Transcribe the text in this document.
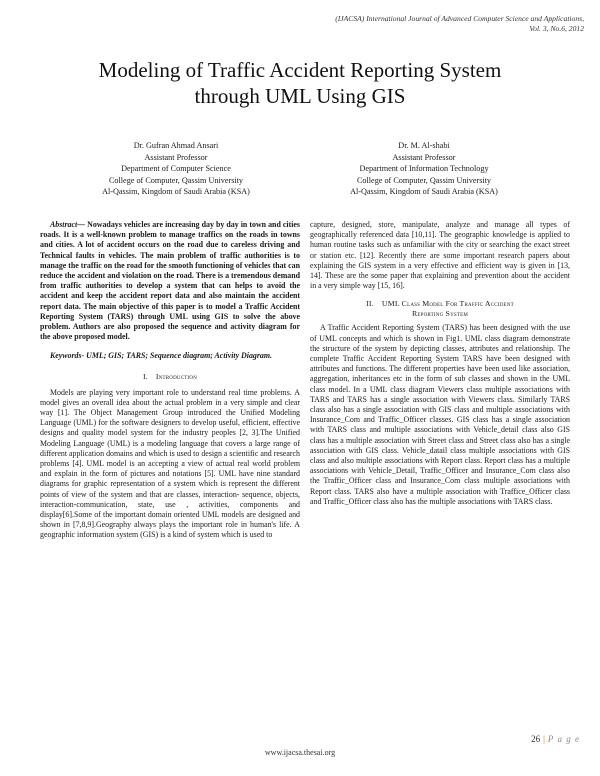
(IJACSA) International Journal of Advanced Computer Science and Applications,
Vol. 3, No.6, 2012
Modeling of Traffic Accident Reporting System
through UML Using GIS
Dr. Gufran Ahmad Ansari
Assistant Professor
Department of Computer Science
College of Computer, Qassim University
Al-Qassim, Kingdom of Saudi Arabia (KSA)
Dr. M. Al-shabi
Assistant Professor
Department of Information Technology
College of Computer, Qassim University
Al-Qassim, Kingdom of Saudi Arabia (KSA)

Abstract— Nowadays vehicles are increasing day by day in town and cities roads. It is a well-known problem to manage traffics on the roads in towns and cities. A lot of accident occurs on the road due to careless driving and Technical faults in vehicles. The main problem of traffic authorities is to manage the traffic on the road for the smooth functioning of vehicles that can reduce the accident and violation on the road. There is a tremendous demand from traffic authorities to develop a system that can helps to avoid the accident and keep the accident report data and also maintain the accident report data. The main objective of this paper is to model a Traffic Accident Reporting System (TARS) through UML using GIS to solve the above problem. Authors are also proposed the sequence and activity diagram for the above proposed model.

Keywords- UML; GIS; TARS; Sequence diagram; Activity Diagram.

I. Introduction

Models are playing very important role to understand real time problems. A model gives an overall idea about the actual problem in a very simple and clear way [1]. The Object Management Group introduced the Unified Modeling Language (UML) for the software designers to develop useful, efficient, effective designs and quality model system for the industry peoples [2, 3].The Unified Modeling Language (UML) is a modeling language that covers a large range of different application domains and which is used to design a scientific and research problems [4]. UML model is an accepting a view of actual real world problem and explain in the form of pictures and notations [5]. UML have nine standard diagrams for graphic representation of a system which is represent the different points of view of the system and that are classes, interaction- sequence, objects, interaction-communication, state, use , activities, components and display[6].Some of the important domain oriented UML models are designed and shown in [7,8,9].Geography always plays the important role in human's life. A geographic information system (GIS) is a kind of system which is used to

capture, designed, store, manipulate, analyze and manage all types of geographically referenced data [10,11]. The geographic knowledge is applied to human routine tasks such as unfamiliar with the city or searching the exact street or station etc. [12]. Recently there are some important research papers about explaining the GIS system in a very effective and efficient way is given in [13, 14]. These are the some paper that explaining and prevention about the accident in a very simple way [15, 16].

II. UML Class Model For Traffic Accident
Reporting System

A Traffic Accident Reporting System (TARS) has been designed with the use of UML concepts and which is shown in Fig1. UML class diagram demonstrate the structure of the system by depicting classes, attributes and relationship. The complete Traffic Accident Reporting System TARS have been designed with attributes and functions. The different properties have been used like association, aggregation, inheritances etc in the form of sub classes and shown in the UML class model. In a UML class diagram Viewers class multiple associations with TARS and TARS has a single association with Viewers class. Similarly TARS class also has a single association with GIS class and multiple associations with Insurance_Com and Traffic_Officer classes. GIS class has a single association with TARS class and multiple associations with Vehicle_detail class also GIS class has a multiple association with Street class and Street class also has a single association with GIS class. Vehicle_datail class multiple associations with GIS class and also multiple associations with Report class. Report class has a multiple associations with Vehicle_Detail, Traffic_Officer and Insurance_Com class also the Traffic_Officer class and Insurance_Com class multiple associations with Report class. TARS also have a multiple association with Traffice_Officer class and Traffic_Officer class also has the multiple associations with TARS class.

26 | P a g e
www.ijacsa.thesai.org
